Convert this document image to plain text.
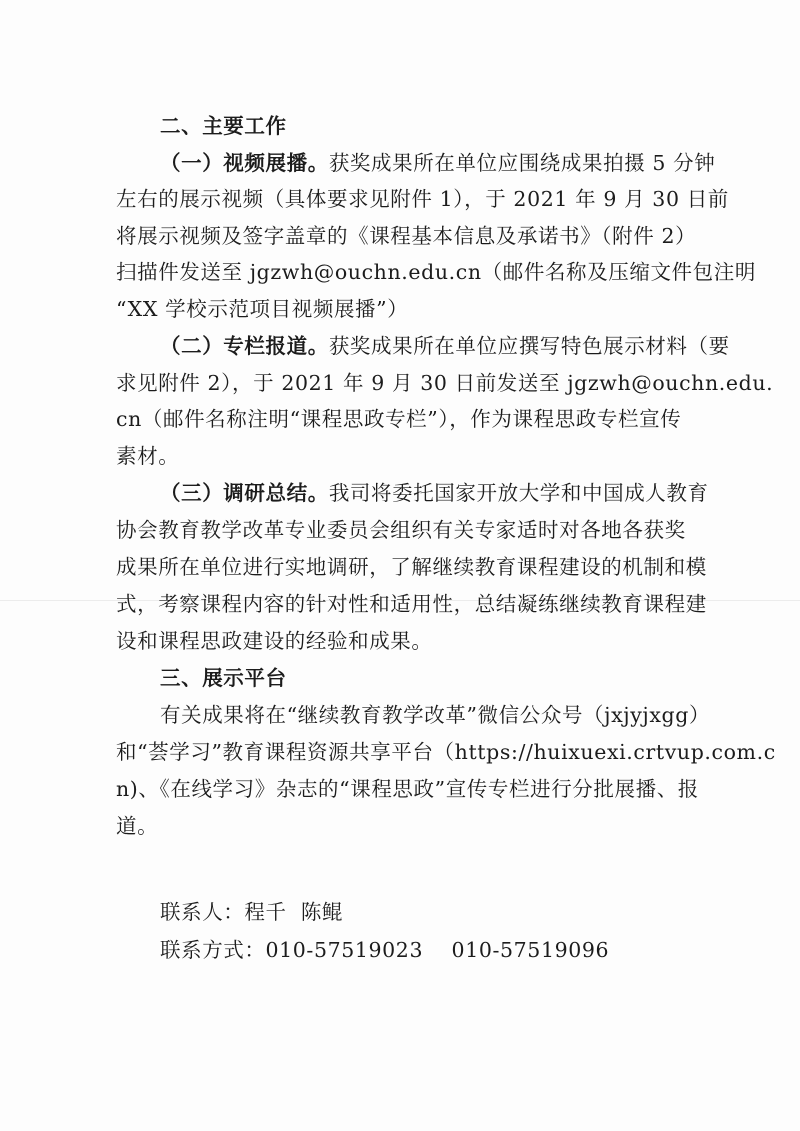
二、主要工作
（一）视频展播。获奖成果所在单位应围绕成果拍摄 5 分钟
左右的展示视频（具体要求见附件 1），于 2021 年 9 月 30 日前
将展示视频及签字盖章的《课程基本信息及承诺书》（附件 2）
扫描件发送至 jgzwh@ouchn.edu.cn（邮件名称及压缩文件包注明
“XX 学校示范项目视频展播”）
（二）专栏报道。获奖成果所在单位应撰写特色展示材料（要
求见附件 2），于 2021 年 9 月 30 日前发送至 jgzwh@ouchn.edu.
cn（邮件名称注明“课程思政专栏”），作为课程思政专栏宣传
素材。
（三）调研总结。我司将委托国家开放大学和中国成人教育
协会教育教学改革专业委员会组织有关专家适时对各地各获奖
成果所在单位进行实地调研，了解继续教育课程建设的机制和模
式，考察课程内容的针对性和适用性，总结凝练继续教育课程建
设和课程思政建设的经验和成果。
三、展示平台
有关成果将在“继续教育教学改革”微信公众号（jxjyjxgg）
和“荟学习”教育课程资源共享平台（https://huixuexi.crtvup.com.c
n)、《在线学习》杂志的“课程思政”宣传专栏进行分批展播、报
道。
联系人：程千  陈鲲
联系方式：010-57519023    010-57519096
